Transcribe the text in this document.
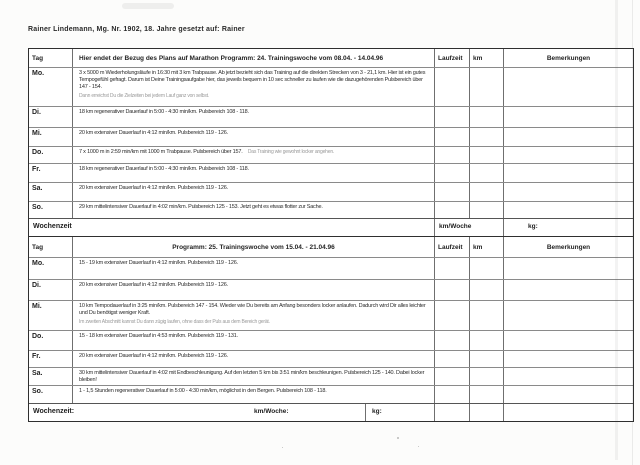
Rainer Lindemann, Mg. Nr. 1902, 18. Jahre gesetzt auf: Rainer
Tag	Hier endet der Bezug des Plans auf Marathon Programm: 24. Trainingswoche vom 08.04. - 14.04.96	Laufzeit	km	Bemerkungen
Mo.	3 x 5000 m Wiederholungsläufe in 16:30 mit 3 km Trabpause. Ab jetzt bezieht sich das Training auf die direkten Strecken von 3 - 21,1 km. Hier ist ein gutes Tempogefühl gefragt. Darum ist Deine Trainingsaufgabe hier, das jeweils bequem in 10 sec schneller zu laufen wie die dazugehörenden Pulsbereich über 147 - 154.
Dann erreichst Du die Zielzeiten bei jedem Lauf ganz von selbst.
Di.	18 km regenerativer Dauerlauf in 5:00 - 4:30 min/km. Pulsbereich 108 - 118.
Mi.	20 km extensiver Dauerlauf in 4:12 min/km. Pulsbereich 119 - 126.
Do.	7 x 1000 m in 2:59 min/km mit 1000 m Trabpause. Pulsbereich über 157. Das Training wie gewohnt locker angehen.
Fr.	18 km regenerativer Dauerlauf in 5:00 - 4:30 min/km. Pulsbereich 108 - 118.
Sa.	20 km extensiver Dauerlauf in 4:12 min/km. Pulsbereich 119 - 126.
So.	29 km mittelintensiver Dauerlauf in 4:02 min/km. Pulsbereich 125 - 153. Jetzt geht es etwas flotter zur Sache.
Wochenzeit	km/Woche	kg:
Tag	Programm: 25. Trainingswoche vom 15.04. - 21.04.96	Laufzeit	km	Bemerkungen
Mo.	15 - 19 km extensiver Dauerlauf in 4:12 min/km. Pulsbereich 119 - 126.
Di.	20 km extensiver Dauerlauf in 4:12 min/km. Pulsbereich 119 - 126.
Mi.	10 km Tempodauerlauf in 3:25 min/km. Pulsbereich 147 - 154. Wieder wie Du bereits am Anfang besonders locker anlaufen. Dadurch wird Dir alles leichter und Du benötigst weniger Kraft.
Im zweiten Abschnitt kannst Du dann zügig laufen, ohne dass der Puls aus dem Bereich gerät.
Do.	15 - 18 km extensiver Dauerlauf in 4:53 min/km. Pulsbereich 119 - 131.
Fr.	20 km extensiver Dauerlauf in 4:12 min/km. Pulsbereich 119 - 126.
Sa.	30 km mittelintensiver Dauerlauf in 4:02 mit Endbeschleunigung. Auf den letzten 5 km bis 3:51 min/km beschleunigen. Pulsbereich 125 - 140. Dabei locker bleiben!
So.	1 - 1,5 Stunden regenerativer Dauerlauf in 5:00 - 4:30 min/km, möglichst in den Bergen. Pulsbereich 108 - 118.
Wochenzeit:	km/Woche:	kg:
